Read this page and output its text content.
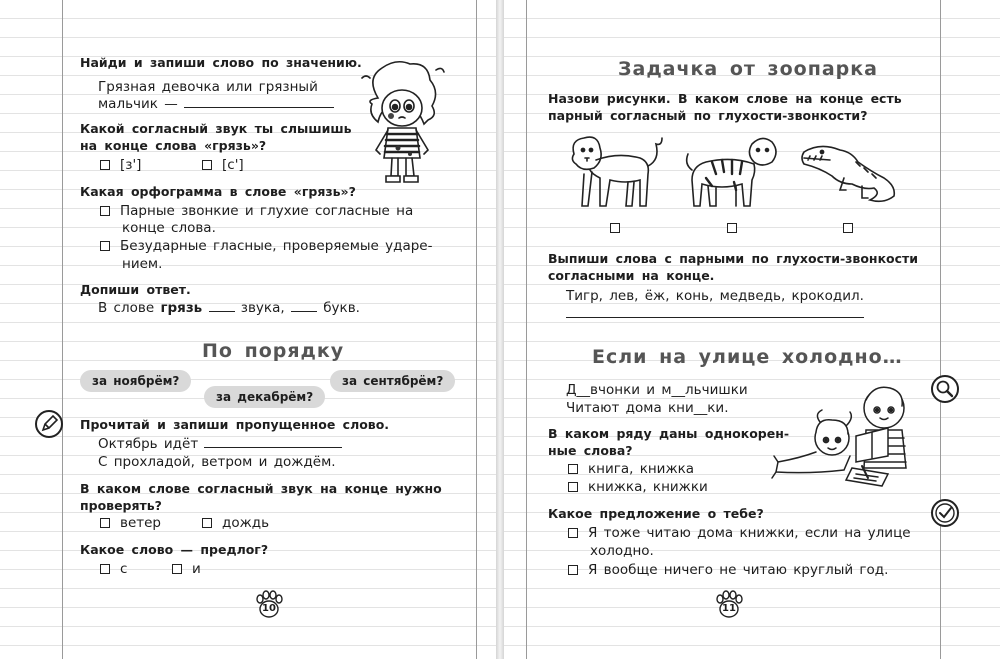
Найди и запиши слово по значению.
Грязная девочка или грязный
мальчик —
Какой согласный звук ты слышишь
на конце слова «грязь»?
[з']	[с']
Какая орфограмма в слове «грязь»?
Парные звонкие и глухие согласные на
конце слова.
Безударные гласные, проверяемые ударе-
нием.
Допиши ответ.
В слове грязь	звука,	букв.
По порядку
за ноябрём?
за декабрём?
за сентябрём?
Прочитай и запиши пропущенное слово.
Октябрь идёт
С прохладой, ветром и дождём.
В каком слове согласный звук на конце нужно
проверять?
ветер	дождь
Какое слово — предлог?
с	и
10
Задачка от зоопарка
Назови рисунки. В каком слове на конце есть
парный согласный по глухости-звонкости?
Выпиши слова с парными по глухости-звонкости
согласными на конце.
Тигр, лев, ёж, конь, медведь, крокодил.
Если на улице холодно…
Д__вчонки и м__льчишки
Читают дома кни__ки.
В каком ряду даны однокорен-
ные слова?
книга, книжка
книжка, книжки
Какое предложение о тебе?
Я тоже читаю дома книжки, если на улице
холодно.
Я вообще ничего не читаю круглый год.
11
